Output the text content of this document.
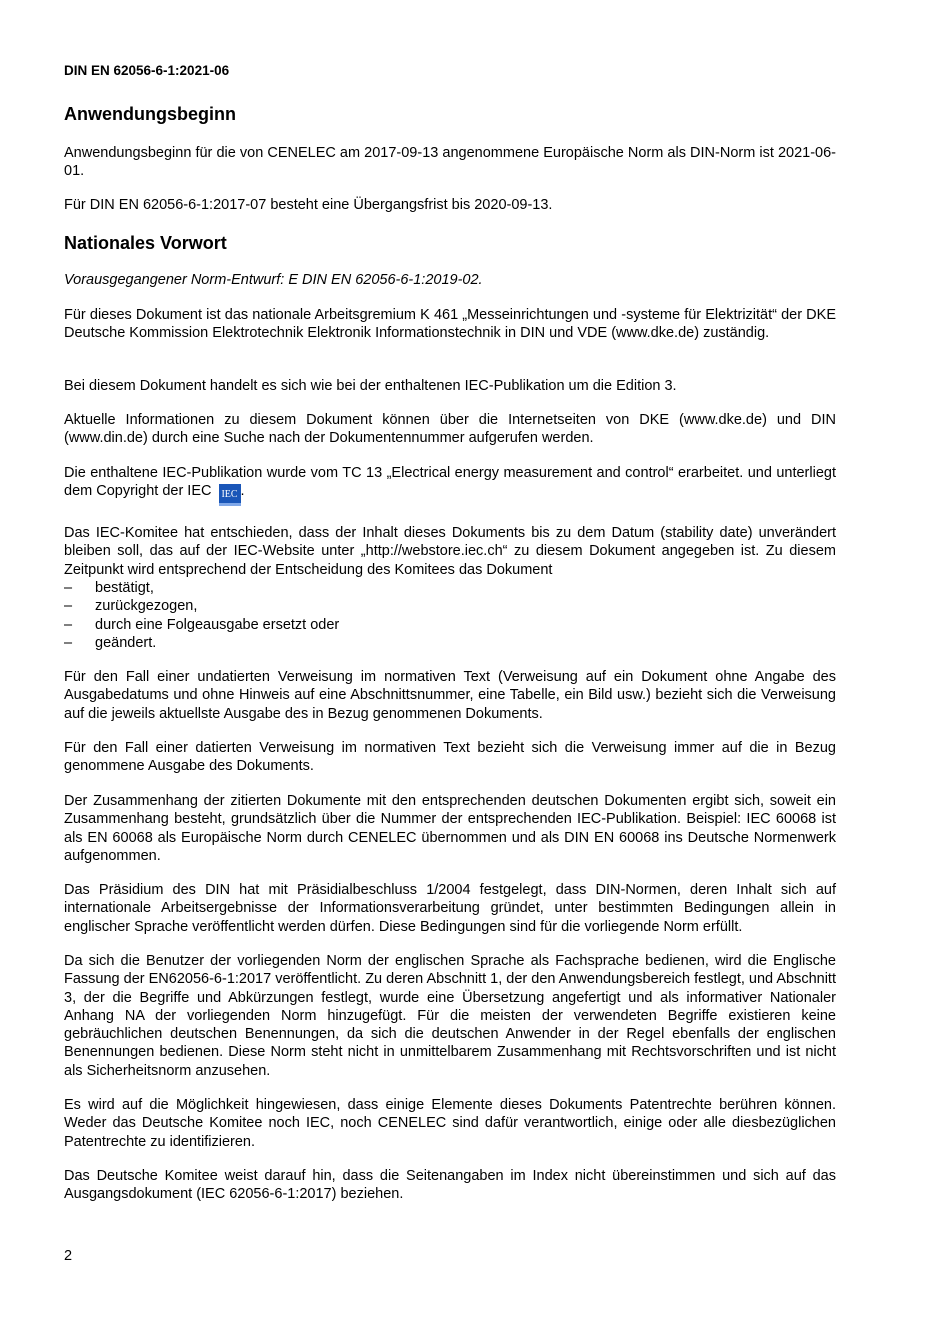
DIN EN 62056-6-1:2021-06
Anwendungsbeginn

Anwendungsbeginn für die von CENELEC am 2017-09-13 angenommene Europäische Norm als DIN-Norm ist 2021-06-01.

Für DIN EN 62056-6-1:2017-07 besteht eine Übergangsfrist bis 2020-09-13.

Nationales Vorwort

Vorausgegangener Norm-Entwurf: E DIN EN 62056-6-1:2019-02.

Für dieses Dokument ist das nationale Arbeitsgremium K 461 „Messeinrichtungen und -systeme für Elektrizität“ der DKE Deutsche Kommission Elektrotechnik Elektronik Informationstechnik in DIN und VDE (www.dke.de) zuständig.

Bei diesem Dokument handelt es sich wie bei der enthaltenen IEC-Publikation um die Edition 3.

Aktuelle Informationen zu diesem Dokument können über die Internetseiten von DKE (www.dke.de) und DIN (www.din.de) durch eine Suche nach der Dokumentennummer aufgerufen werden.

Die enthaltene IEC-Publikation wurde vom TC 13 „Electrical energy measurement and control“ erarbeitet. und unterliegt dem Copyright der IEC IEC .

Das IEC-Komitee hat entschieden, dass der Inhalt dieses Dokuments bis zu dem Datum (stability date) unverändert bleiben soll, das auf der IEC-Website unter „http://webstore.iec.ch“ zu diesem Dokument angegeben ist. Zu diesem Zeitpunkt wird entsprechend der Entscheidung des Komitees das Dokument

– bestätigt,
– zurückgezogen,
– durch eine Folgeausgabe ersetzt oder
– geändert.

Für den Fall einer undatierten Verweisung im normativen Text (Verweisung auf ein Dokument ohne Angabe des Ausgabedatums und ohne Hinweis auf eine Abschnittsnummer, eine Tabelle, ein Bild usw.) bezieht sich die Verweisung auf die jeweils aktuellste Ausgabe des in Bezug genommenen Dokuments.

Für den Fall einer datierten Verweisung im normativen Text bezieht sich die Verweisung immer auf die in Bezug genommene Ausgabe des Dokuments.

Der Zusammenhang der zitierten Dokumente mit den entsprechenden deutschen Dokumenten ergibt sich, soweit ein Zusammenhang besteht, grundsätzlich über die Nummer der entsprechenden IEC-Publikation. Beispiel: IEC 60068 ist als EN 60068 als Europäische Norm durch CENELEC übernommen und als DIN EN 60068 ins Deutsche Normenwerk aufgenommen.

Das Präsidium des DIN hat mit Präsidialbeschluss 1/2004 festgelegt, dass DIN-Normen, deren Inhalt sich auf internationale Arbeitsergebnisse der Informationsverarbeitung gründet, unter bestimmten Bedingungen allein in englischer Sprache veröffentlicht werden dürfen. Diese Bedingungen sind für die vorliegende Norm erfüllt.

Da sich die Benutzer der vorliegenden Norm der englischen Sprache als Fachsprache bedienen, wird die Englische Fassung der EN62056-6-1:2017 veröffentlicht. Zu deren Abschnitt 1, der den Anwendungsbereich festlegt, und Abschnitt 3, der die Begriffe und Abkürzungen festlegt, wurde eine Übersetzung angefertigt und als informativer Nationaler Anhang NA der vorliegenden Norm hinzugefügt. Für die meisten der verwendeten Begriffe existieren keine gebräuchlichen deutschen Benennungen, da sich die deutschen Anwender in der Regel ebenfalls der englischen Benennungen bedienen. Diese Norm steht nicht in unmittelbarem Zusammenhang mit Rechtsvorschriften und ist nicht als Sicherheitsnorm anzusehen.

Es wird auf die Möglichkeit hingewiesen, dass einige Elemente dieses Dokuments Patentrechte berühren können. Weder das Deutsche Komitee noch IEC, noch CENELEC sind dafür verantwortlich, einige oder alle diesbezüglichen Patentrechte zu identifizieren.

Das Deutsche Komitee weist darauf hin, dass die Seitenangaben im Index nicht übereinstimmen und sich auf das Ausgangsdokument (IEC 62056-6-1:2017) beziehen.

2
